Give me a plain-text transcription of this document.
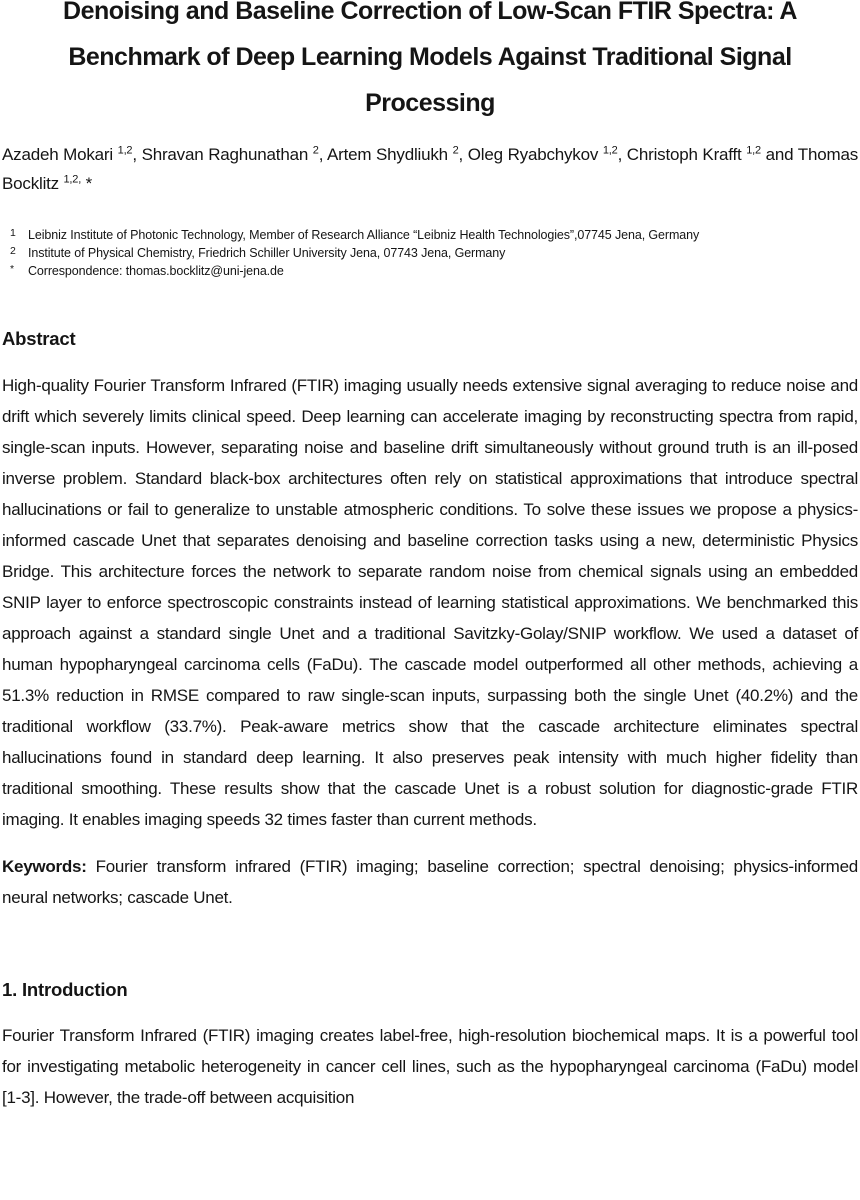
Denoising and Baseline Correction of Low-Scan FTIR Spectra: A Benchmark of Deep Learning Models Against Traditional Signal Processing

Azadeh Mokari $^{1,2}$, Shravan Raghunathan $^2$, Artem Shydliukh $^2$, Oleg Ryabchykov $^{1,2}$, Christoph Krafft $^{1,2}$ and Thomas Bocklitz $^{1,2,}$ *

1 Leibniz Institute of Photonic Technology, Member of Research Alliance “Leibniz Health Technologies”,07745 Jena, Germany
2 Institute of Physical Chemistry, Friedrich Schiller University Jena, 07743 Jena, Germany
*	Correspondence: thomas.bocklitz@uni-jena.de
Abstract

High-quality Fourier Transform Infrared (FTIR) imaging usually needs extensive signal averaging to reduce noise and drift which severely limits clinical speed. Deep learning can accelerate imaging by reconstructing spectra from rapid, single-scan inputs. However, separating noise and baseline drift simultaneously without ground truth is an ill-posed inverse problem. Standard black-box architectures often rely on statistical approximations that introduce spectral hallucinations or fail to generalize to unstable atmospheric conditions. To solve these issues we propose a physics-informed cascade Unet that separates denoising and baseline correction tasks using a new, deterministic Physics Bridge. This architecture forces the network to separate random noise from chemical signals using an embedded SNIP layer to enforce spectroscopic constraints instead of learning statistical approximations. We benchmarked this approach against a standard single Unet and a traditional Savitzky-Golay/SNIP workflow. We used a dataset of human hypopharyngeal carcinoma cells (FaDu). The cascade model outperformed all other methods, achieving a 51.3% reduction in RMSE compared to raw single-scan inputs, surpassing both the single Unet (40.2%) and the traditional workflow (33.7%). Peak-aware metrics show that the cascade architecture eliminates spectral hallucinations found in standard deep learning. It also preserves peak intensity with much higher fidelity than traditional smoothing. These results show that the cascade Unet is a robust solution for diagnostic-grade FTIR imaging. It enables imaging speeds 32 times faster than current methods.

Keywords: Fourier transform infrared (FTIR) imaging; baseline correction; spectral denoising; physics-informed neural networks; cascade Unet.

1. Introduction

Fourier Transform Infrared (FTIR) imaging creates label-free, high-resolution biochemical maps. It is a powerful tool for investigating metabolic heterogeneity in cancer cell lines, such as the hypopharyngeal carcinoma (FaDu) model [1-3]. However, the trade-off between acquisition
